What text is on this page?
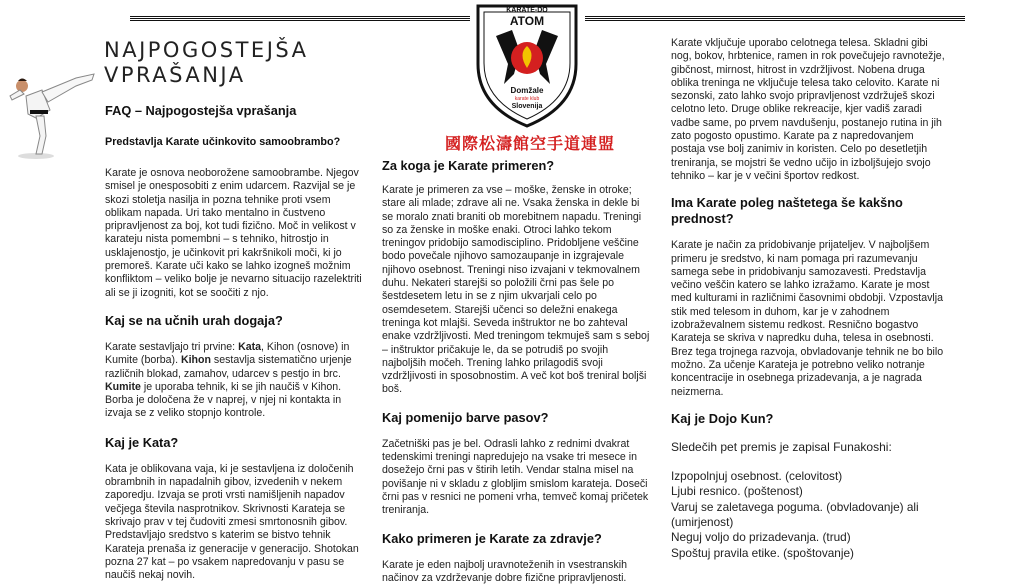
NAJPOGOSTEJŠA
VPRAŠANJA
KARATE-DO
ATOM
Domžale
karate klub
Slovenija
國際松濤館空手道連盟
FAQ – Najpogostejša vprašanja
Predstavlja Karate učinkovito samoobrambo?

Karate je osnova neoboroženе samoobrambe. Njegov smisel je onesposobiti z enim udarcem. Razvijal se je skozi stoletja nasilja in pozna tehnike proti vsem oblikam napada. Uri tako mentalno in čustveno pripravljenost za boj, kot tudi fizično. Moč in velikost v karateju nista pomembni – s tehniko, hitrostjo in usklajenostjo, je učinkovit pri kakršnikoli moči, ki jo premoreš. Karate uči kako se lahko izogneš možnim konfliktom – veliko bolje je nevarno situacijo razelektriti ali se ji izogniti, kot se soočiti z njo.

Kaj se na učnih urah dogaja?

Karate sestavljajo tri prvine: Kata, Kihon (osnove) in Kumite (borba). Kihon sestavlja sistematično urjenje različnih blokad, zamahov, udarcev s pestjo in brc. Kumite je uporaba tehnik, ki se jih naučiš v Kihon. Borba je določena že v naprej, v njej ni kontakta in izvaja se z veliko stopnjo kontrole.

Kaj je Kata?

Kata je oblikovana vaja, ki je sestavljena iz določenih obrambnih in napadalnih gibov, izvedenih v nekem zaporedju. Izvaja se proti vrsti namišljenih napadov večjega števila nasprotnikov. Skrivnosti Karateja se skrivajo prav v tej čudoviti zmesi smrtonosnih gibov. Predstavljajo sredstvo s katerim se bistvo tehnik Karateja prenaša iz generacije v generacijo. Shotokan pozna 27 kat – po vsakem napredovanju v pasu se naučiš nekaj novih.

Za koga je Karate primeren?

Karate je primeren za vse – moške, ženske in otroke; stare ali mlade; zdrave ali ne. Vsaka ženska in dekle bi se moralo znati braniti ob morebitnem napadu. Treningi so za ženske in moške enaki. Otroci lahko tekom treningov pridobijo samodisciplino. Pridobljene veščine bodo povečale njihovo samozaupanje in izgrajevale njihovo osebnost. Treningi niso izvajani v tekmovalnem duhu. Nekateri starejši so položili črni pas šele po šestdesetem letu in se z njim ukvarjali celo po osemdesetem. Starejši učenci so deležni enakega treninga kot mlajši. Seveda inštruktor ne bo zahteval enake vzdržljivosti. Med treningom tekmuješ sam s seboj – inštruktor pričakuje le, da se potrudiš po svojih najboljših močeh. Trening lahko prilagodiš svoji vzdržljivosti in sposobnostim. A več kot boš treniral boljši boš.

Kaj pomenijo barve pasov?

Začetniški pas je bel. Odrasli lahko z rednimi dvakrat tedenskimi treningi napredujejo na vsake tri mesece in dosežejo črni pas v štirih letih. Vendar stalna misel na povišanje ni v skladu z globljim smislom karateja. Doseči črni pas v resnici ne pomeni vrha, temveč komaj pričetek treniranja.

Kako primeren je Karate za zdravje?

Karate je eden najbolj uravnoteženih in vsestranskih načinov za vzdrževanje dobre fizične pripravljenosti.

Karate vključuje uporabo celotnega telesa. Skladni gibi nog, bokov, hrbtenice, ramen in rok povečujejo ravnotežje, gibčnost, mirnost, hitrost in vzdržljivost. Nobena druga oblika treninga ne vključuje telesa tako celovito. Karate ni sezonski, zato lahko svojo pripravljenost vzdržuješ skozi celotno leto. Druge oblike rekreacije, kjer vadiš zaradi vadbe same, po prvem navdušenju, postanejo rutina in jih zato pogosto opustimo. Karate pa z napredovanjem postaja vse bolj zanimiv in koristen. Celo po desetletjih treniranja, se mojstri še vedno učijo in izboljšujejo svojo tehniko – kar je v večini športov redkost.

Ima Karate poleg naštetega še kakšno prednost?

Karate je način za pridobivanje prijateljev. V najboljšem primeru je sredstvo, ki nam pomaga pri razumevanju samega sebe in pridobivanju samozavesti. Predstavlja večino veščin katero se lahko izražamo. Karate je most med kulturami in različnimi časovnimi obdobji. Vzpostavlja stik med telesom in duhom, kar je v zahodnem izobraževalnem sistemu redkost. Resnično bogastvo Karateja se skriva v napredku duha, telesa in osebnosti. Brez tega trojnega razvoja, obvladovanje tehnik ne bo bilo možno. Za učenje Karateja je potrebno veliko notranje koncentracije in osebnega prizadevanja, a je nagrada neizmerna.

Kaj je Dojo Kun?

Sledečih pet premis je zapisal Funakoshi:

Izpopolnjuj osebnost. (celovitost)
Ljubi resnico. (poštenost)
Varuj se zaletavega poguma. (obvladovanje) ali (umirjenost)
Neguj voljo do prizadevanja. (trud)
Spoštuj pravila etike. (spoštovanje)
